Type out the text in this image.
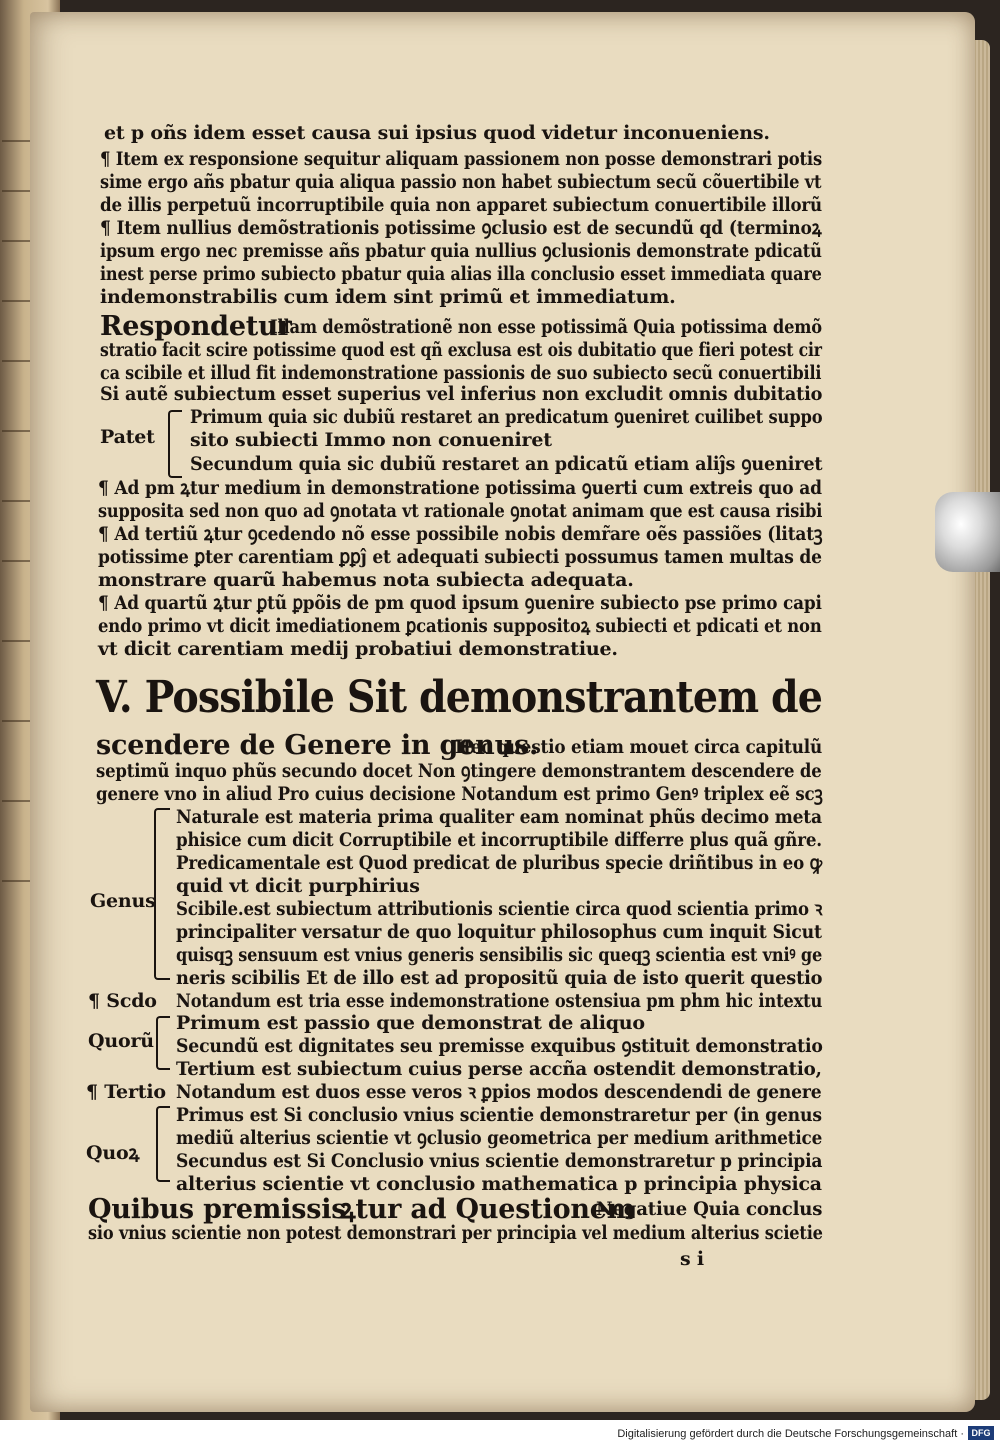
et p oñs idem esset causa sui ipsius quod videtur inconueniens.
¶ Item ex responsione sequitur aliquam passionem non posse demonstrari potis
sime ergo añs pbatur quia aliqua passio non habet subiectum secũ cõuertibile vt
de illis perpetuũ incorruptibile quia non apparet subiectum conuertibile illorũ
¶ Item nullius demõstrationis potissime ꝯclusio est de secundũ qd (terminoꝝ
ipsum ergo nec premisse añs pbatur quia nullius ꝯclusionis demonstrate pdicatũ
inest perse primo subiecto pbatur quia alias illa conclusio esset immediata quare
indemonstrabilis cum idem sint primũ et immediatum.
Respondetur
Illam demõstrationẽ non esse potissimã Quia potissima demõ
stratio facit scire potissime quod est qñ exclusa est ois dubitatio que fieri potest cir
ca scibile et illud fit indemonstratione passionis de suo subiecto secũ conuertibili
Si autẽ subiectum esset superius vel inferius non excludit omnis dubitatio
Patet
Primum quia sic dubiũ restaret an predicatum ꝯueniret cuilibet suppo
sito subiecti Immo non conueniret
Secundum quia sic dubiũ restaret an pdicatũ etiam aliĵs ꝯueniret
¶ Ad pm ꝝtur medium in demonstratione potissima ꝯuerti cum extreis quo ad
supposita sed non quo ad ꝯnotata vt rationale ꝯnotat animam que est causa risibi
¶ Ad tertiũ ꝝtur ꝯcedendo nõ esse possibile nobis demr̃are oẽs passiões (litatꝫ
potissime ꝑter carentiam ꝑꝑĵ et adequati subiecti possumus tamen multas de
monstrare quarũ habemus nota subiecta adequata.
¶ Ad quartũ ꝝtur ꝑtũ ꝑpõis de pm quod ipsum ꝯuenire subiecto pse primo capi
endo primo vt dicit imediationem ꝑcationis suppositoꝝ subiecti et pdicati et non
vt dicit carentiam medij probatiui demonstratiue.
V. Possibile Sit demonstrantem de
scendere de Genere in genus.
Hec questio etiam mouet circa capitulũ
septimũ inquo phũs secundo docet Non ꝯtingere demonstrantem descendere de
genere vno in aliud Pro cuius decisione Notandum est primo Genꝰ triplex eẽ scꝫ
Genus
Naturale est materia prima qualiter eam nominat phũs decimo meta
phisice cum dicit Corruptibile et incorruptibile differre plus quã gñre.
Predicamentale est Quod predicat de pluribus specie driñtibus in eo ꝙ
quid vt dicit purphirius
Scibile.est subiectum attributionis scientie circa quod scientia primo ꝛ
principaliter versatur de quo loquitur philosophus cum inquit Sicut
quisqꝫ sensuum est vnius generis sensibilis sic queqꝫ scientia est vniꝰ ge
neris scibilis Et de illo est ad propositũ quia de isto querit questio
¶ Scdo Notandum est tria esse indemonstratione ostensiua pm phm hic intextu
Quorũ
Primum est passio que demonstrat de aliquo
Secundũ est dignitates seu premisse exquibus ꝯstituit demonstratio
Tertium est subiectum cuius perse accña ostendit demonstratio,
¶ Tertio Notandum est duos esse veros ꝛ ꝑpios modos descendendi de genere
Quoꝝ
Primus est Si conclusio vnius scientie demonstraretur per (in genus
mediũ alterius scientie vt ꝯclusio geometrica per medium arithmetice
Secundus est Si Conclusio vnius scientie demonstraretur p principia
alterius scientie vt conclusio mathematica p principia physica
Quibus premissis
ꝝtur ad Questionem
Negatiue Quia conclus
sio vnius scientie non potest demonstrari per principia vel medium alterius scietie
s i
Digitalisierung gefördert durch die Deutsche Forschungsgemeinschaft · DFG
